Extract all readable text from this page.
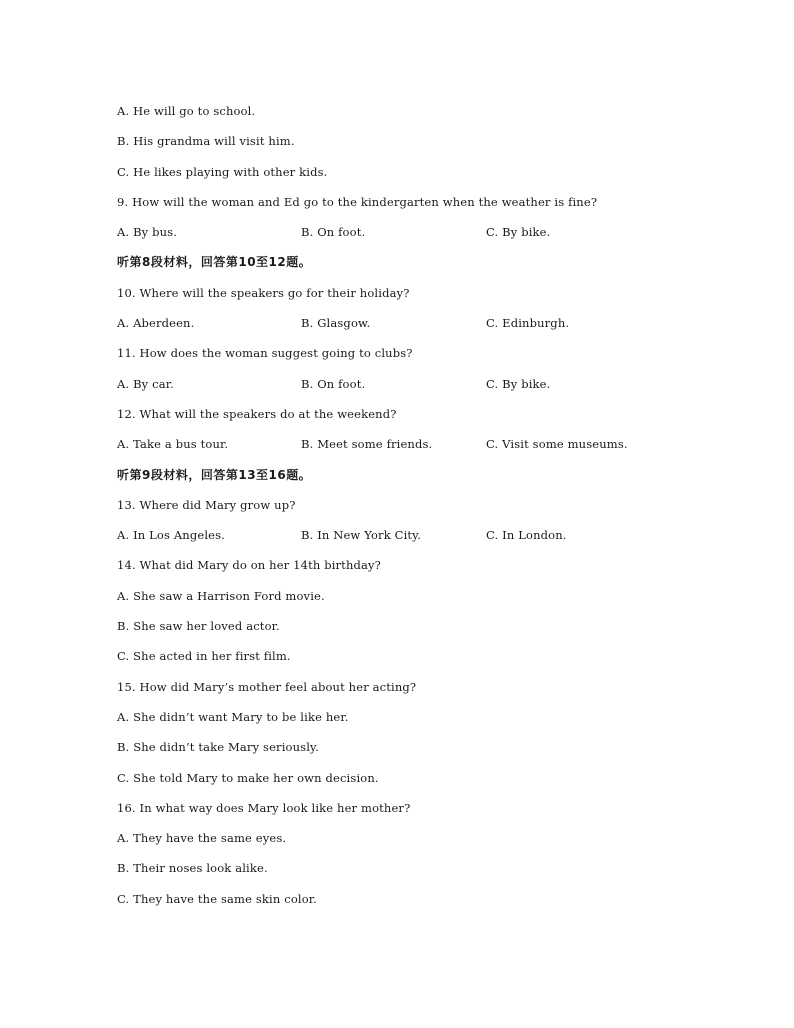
A. He will go to school.
B. His grandma will visit him.
C. He likes playing with other kids.
9. How will the woman and Ed go to the kindergarten when the weather is fine?
A. By bus.	B. On foot.	C. By bike.
听第8段材料，回答第10至12题。
10. Where will the speakers go for their holiday?
A. Aberdeen.	B. Glasgow.	C. Edinburgh.
11. How does the woman suggest going to clubs?
A. By car.	B. On foot.	C. By bike.
12. What will the speakers do at the weekend?
A. Take a bus tour.	B. Meet some friends.	C. Visit some museums.
听第9段材料，回答第13至16题。
13. Where did Mary grow up?
A. In Los Angeles.	B. In New York City.	C. In London.
14. What did Mary do on her 14th birthday?
A. She saw a Harrison Ford movie.
B. She saw her loved actor.
C. She acted in her first film.
15. How did Mary’s mother feel about her acting?
A. She didn’t want Mary to be like her.
B. She didn’t take Mary seriously.
C. She told Mary to make her own decision.
16. In what way does Mary look like her mother?
A. They have the same eyes.
B. Their noses look alike.
C. They have the same skin color.
